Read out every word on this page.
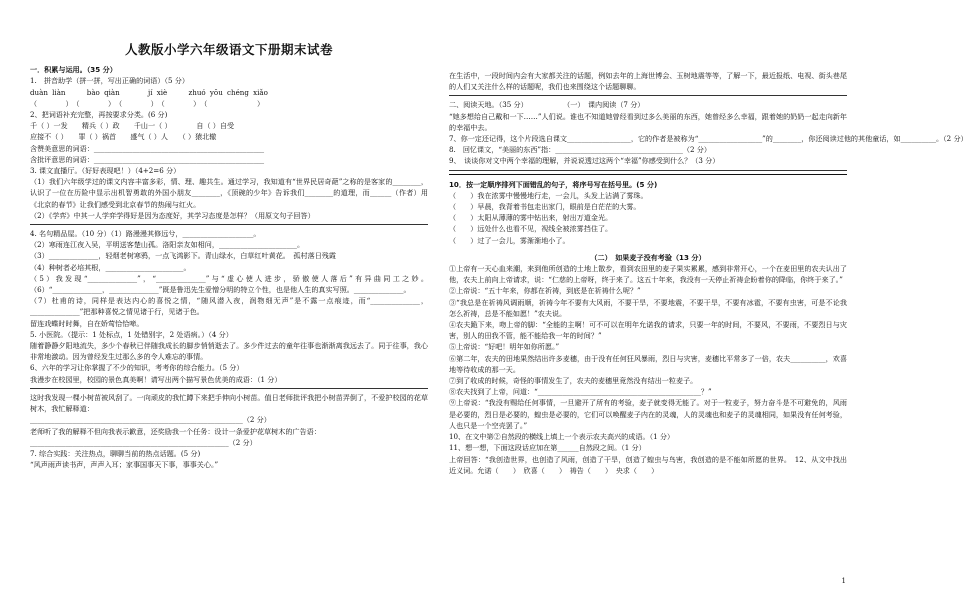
人教版小学六年级语文下册期末试卷
一．积累与运用。（35 分）
1.　拼音助学（拼一拼，写出正确的词语）（5 分）
duàn liàn　　　bào qiàn　　　　jí xiè　　　zhuó yōu chéng xiǎo
（　　　　）　（　　　　）　（　　　　）　（　　　　）　（　　　　　　　）
2、把词语补充完整，再按要求分类。(6 分)
千（ ）一发　　精兵（ ）政　　千山一（ ）　　　　自（ ）自受
应接不（ ）　　罪（ ）祸首　　盛气（ ）人　　（ ）猿北辙
含赞美意思的词语：________________________________________________
含批评意思的词语：________________________________________________
3. 课文直播厅。（好好表现吧！）（4+2=6 分）
（1）我们六年级学过的课文内容丰富多彩，情、理、趣共生。通过学习，我知道有“世界民居奇葩”之称的是客家的________，认识了一位在历险中显示出机智勇敢的外国小朋友________，《顶碗的少年》告诉我们________的道理，而______（作者）用《北京的春节》让我们感受到北京春节的热闹与红火。
（2）《学弈》中其一人学弈学得好是因为态度好，其学习态度是怎样？（用原文句子回答）
4. 名句精品屋。（10 分）（1）路漫漫其修远兮，____________________。
（2）寒雨连江夜入吴，平明送客楚山孤。洛阳亲友如相问，______________________。
（3）______________，轻烟老树寒鸦，一点飞鸿影下。青山绿水，白草红叶黄花。　孤村落日残霞
（4）种树者必培其根，______________________。
（5）我发现“______________”，“______________”与“虚心使人进步，骄傲使人落后”有异曲同工之妙。（6）“______________，______________”既是鲁迅先生爱憎分明的特立个性，也是他人生的真实写照。______________。
（7）杜甫的诗，同样是表达内心的喜悦之情，“随风潜入夜，润物细无声”是不露一点痕迹，而“______________，______________”把那种喜悦之情见诸于行，见诸于色。
留连戏蝶时时舞，自在娇莺恰恰啼。
5. 小医院。（提示：1 处标点，1 处错别字，2 处语病。）（4 分）
随着静静夕阳地流失，多少个春秋已伴随我成长的脚步悄悄逝去了。多少件过去的童年往事也渐渐离我远去了。同于往事，我心非常地激动。因为曾经发生过那么多的令人难忘的事情。
6、六年的学习让你掌握了不少的知识，考考你的综合能力。（5 分）
我漫步在校园里，校园的景色真美啊！请写出两个描写景色优美的成语：（1 分）
这时我发现一棵小树苗被风刮了。一向顽皮的我忙蹲下来把手伸向小树苗。值日老师批评我把小树苗弄倒了，不爱护校园的花草树木，我忙解释道：
____________________________________________________________（2 分）
老师听了我的解释不但向我表示歉意，还奖励我一个任务：设计一条爱护花草树木的广告语：
________________________________________________________（2 分）
7. 综合实践：关注热点，聊聊当前的热点话题。(5 分)
“风声雨声读书声，声声入耳；家事国事天下事，事事关心。”
在生活中，一段时间内会有大家都关注的话题，例如去年的上海世博会、玉树地震等等，了解一下，最近报纸、电视、街头巷尾的人们又关注什么样的话题呢，我们也来围绕这个话题聊聊。
二、阅读天地。（35 分）　　　　　　（一）　课内阅读（7 分）
“她多想给自己戴和一下……”人们说。谁也不知道她曾经看到过多么美丽的东西，她曾经多么幸福，跟着她的奶奶一起走向新年的幸福中去。
7、你一定还记得，这个片段选自课文__________________，它的作者是被称为“__________________”的________，你还阅读过他的其他童话，如__________。（2 分）
8.　回忆课文，“美丽的东西”指：____________________________________（2 分）
9、　谈谈你对文中两个幸福的理解，并说说透过这两个“幸福”你感受到什么？（3 分）
10．按一定顺序排列下面错乱的句子，将序号写在括号里。(5 分)
（　　）我在浓雾中慢慢地行走，一会儿，头发上沾满了雾珠。
（　　）早晨，我背着书包走出家门，眼前是白茫茫的大雾。
（　　）太阳从薄薄的雾中钻出来，射出万道金光。
（　　）远处什么也看不见，视线全被浓雾挡住了。
（　　）过了一会儿，雾渐渐地小了。
（二）　如果麦子没有考验（13 分）
①上帝有一天心血来潮，来到他所创造的土地上散步，看到农田里的麦子果实累累，感到非常开心，一个在麦田里的农夫认出了他，农夫上前向上帝请求，说：“仁慈的上帝呀，终于来了。这五十年来，我没有一天停止祈祷企盼着你的降临，你终于来了。”
②上帝说：“五十年来，你都在祈祷，到底是在祈祷什么呢？”
③“我总是在祈祷风调雨顺，祈祷今年不要有大风雨，不要干旱，不要地震，不要干旱，不要有冰雹，不要有虫害，可是不论我怎么祈祷，总是不能如愿！”农夫说。
④农夫跪下来，吻上帝的脚：“全能的主啊！可不可以在明年允诺我的请求，只要一年的时间，不要风，不要雨，不要烈日与灾害，别人的田我不管，能不能给我一年的时间？”
⑤上帝说：“好吧！明年如你所愿。”
⑥第二年，农夫的田地果然结出许多麦穗，由于没有任何狂风暴雨，烈日与灾害，麦穗比平常多了一倍，农夫__________，欢喜地等待收成的那一天。
⑦到了收成的时候，奇怪的事情发生了，农夫的麦穗里竟然没有结出一粒麦子。
⑧农夫找到了上帝，问道：“______________________________________________？”
⑨上帝说：“我没有赐给任何事情，一旦避开了所有的考验，麦子就变得无能了。对于一粒麦子，努力奋斗是不可避免的，风雨是必要的，烈日是必要的，蝗虫是必要的，它们可以唤醒麦子内在的灵魂，人的灵魂也和麦子的灵魂相同，如果没有任何考验，人也只是一个空壳罢了。”
10、在文中第②自然段的横线上填上一个表示农夫高兴的成语。（1 分）
11、想一想，下面这段话应加在第______自然段之间。（1 分）
上帝回答：“我创造世界，也创造了风雨，创造了干旱，创造了蝗虫与鸟害，我创造的是不能如所愿的世界。　12、从文中找出近义词。允诺（　　）　欣喜（　　）　祷告（　　）　央求（　　）
1
